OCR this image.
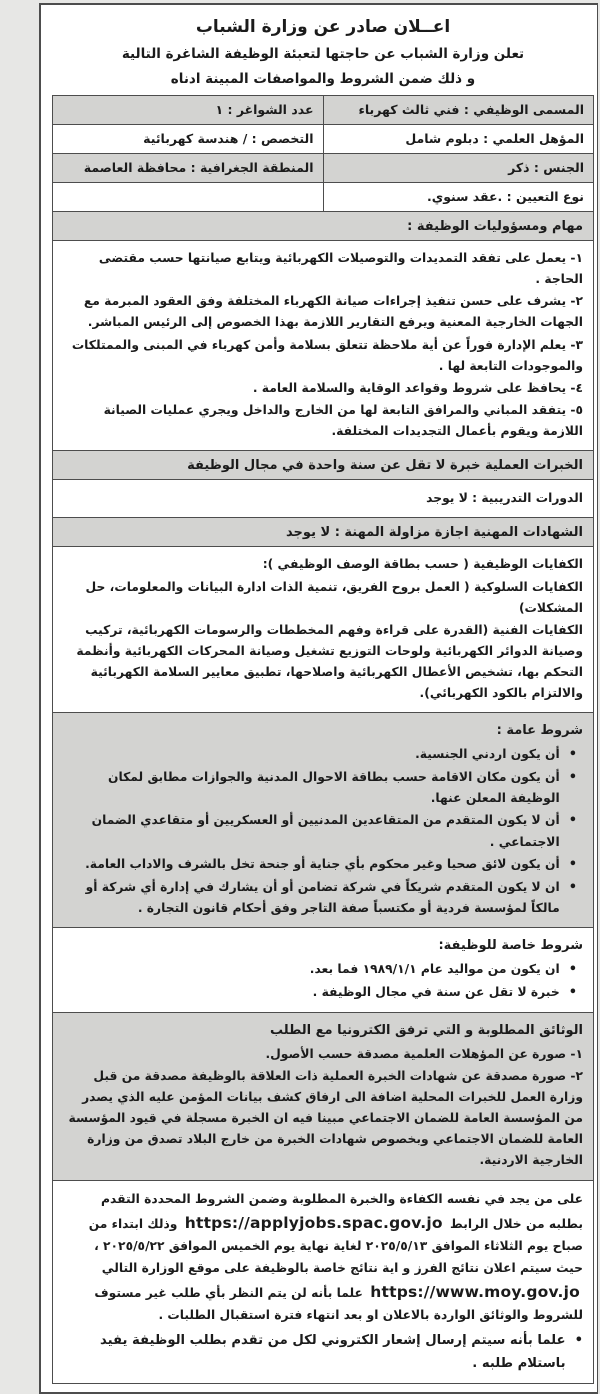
اعــلان صادر عن وزارة الشباب
تعلن وزارة الشباب عن حاجتها لتعبئة الوظيفة الشاغرة التالية
و ذلك ضمن الشروط والمواصفات المبينة ادناه
المسمى الوظيفي : فني ثالث كهرباء
عدد الشواغر : ١
المؤهل العلمي : دبلوم شامل
التخصص : / هندسة كهربائية
الجنس : ذكر
المنطقة الجغرافية : محافظة العاصمة
نوع التعيين : .عقد سنوي.
مهام ومسؤوليات الوظيفة :

١- يعمل على تفقد التمديدات والتوصيلات الكهربائية ويتابع صيانتها حسب مقتضى الحاجة .

٢- يشرف على حسن تنفيذ إجراءات صيانة الكهرباء المختلفة وفق العقود المبرمة مع الجهات الخارجية المعنية ويرفع التقارير اللازمة بهذا الخصوص إلى الرئيس المباشر.

٣- يعلم الإدارة فوراً عن أية ملاحظة تتعلق بسلامة وأمن كهرباء في المبنى والممتلكات والموجودات التابعة لها .

٤- يحافظ على شروط وقواعد الوقاية والسلامة العامة .

٥- يتفقد المباني والمرافق التابعة لها من الخارج والداخل ويجري عمليات الصيانة اللازمة ويقوم بأعمال التجديدات المختلفة.

الخبرات العملية خبرة لا تقل عن سنة واحدة في مجال الوظيفة

الدورات التدريبية : لا يوجد

الشهادات المهنية اجازة مزاولة المهنة : لا يوجد

الكفايات الوظيفية ( حسب بطاقة الوصف الوظيفي ):

الكفايات السلوكية ( العمل بروح الفريق، تنمية الذات ادارة البيانات والمعلومات، حل المشكلات)

الكفايات الفنية (القدرة على قراءة وفهم المخططات والرسومات الكهربائية، تركيب وصيانة الدوائر الكهربائية ولوحات التوزيع تشغيل وصيانة المحركات الكهربائية وأنظمة التحكم بها، تشخيص الأعطال الكهربائية واصلاحها، تطبيق معايير السلامة الكهربائية والالتزام بالكود الكهربائي).

شروط عامة :

• أن يكون اردني الجنسية.
• أن يكون مكان الاقامة حسب بطاقة الاحوال المدنية والجوازات مطابق لمكان الوظيفة المعلن عنها.
• أن لا يكون المتقدم من المتقاعدين المدنيين أو العسكريين أو متقاعدي الضمان الاجتماعي .
• أن يكون لائق صحيا وغير محكوم بأي جناية أو جنحة تخل بالشرف والاداب العامة.
• ان لا يكون المتقدم شريكاً في شركة تضامن أو أن يشارك في إدارة أي شركة أو مالكاً لمؤسسة فردية أو مكتسباً صفة التاجر وفق أحكام قانون التجارة .

شروط خاصة للوظيفة:

• ان يكون من مواليد عام ١٩٨٩/١/١ فما بعد.
• خبرة لا تقل عن سنة في مجال الوظيفة .

الوثائق المطلوبة و التي ترفق الكترونيا مع الطلب

١- صورة عن المؤهلات العلمية مصدقة حسب الأصول.

٢- صورة مصدقة عن شهادات الخبرة العملية ذات العلاقة بالوظيفة مصدقة من قبل وزارة العمل للخبرات المحلية اضافة الى ارفاق كشف بيانات المؤمن عليه الذي يصدر من المؤسسة العامة للضمان الاجتماعي مبينا فيه ان الخبرة مسجلة في قيود المؤسسة العامة للضمان الاجتماعي وبخصوص شهادات الخبرة من خارج البلاد تصدق من وزارة الخارجية الاردنية.

على من يجد في نفسه الكفاءة والخبرة المطلوبة وضمن الشروط المحددة التقدم بطلبه من خلال الرابط https://applyjobs.spac.gov.jo وذلك ابتداء من صباح يوم الثلاثاء الموافق ٢٠٢٥/٥/١٣ لغاية نهاية يوم الخميس الموافق ٢٠٢٥/٥/٢٢ ، حيث سيتم اعلان نتائج الفرز و اية نتائج خاصة بالوظيفة على موقع الوزارة التالي https://www.moy.gov.jo علما بأنه لن يتم النظر بأي طلب غير مستوف للشروط والوثائق الواردة بالاعلان او بعد انتهاء فترة استقبال الطلبات .

• علما بأنه سيتم إرسال إشعار الكتروني لكل من تقدم بطلب الوظيفة يفيد باستلام طلبه .
